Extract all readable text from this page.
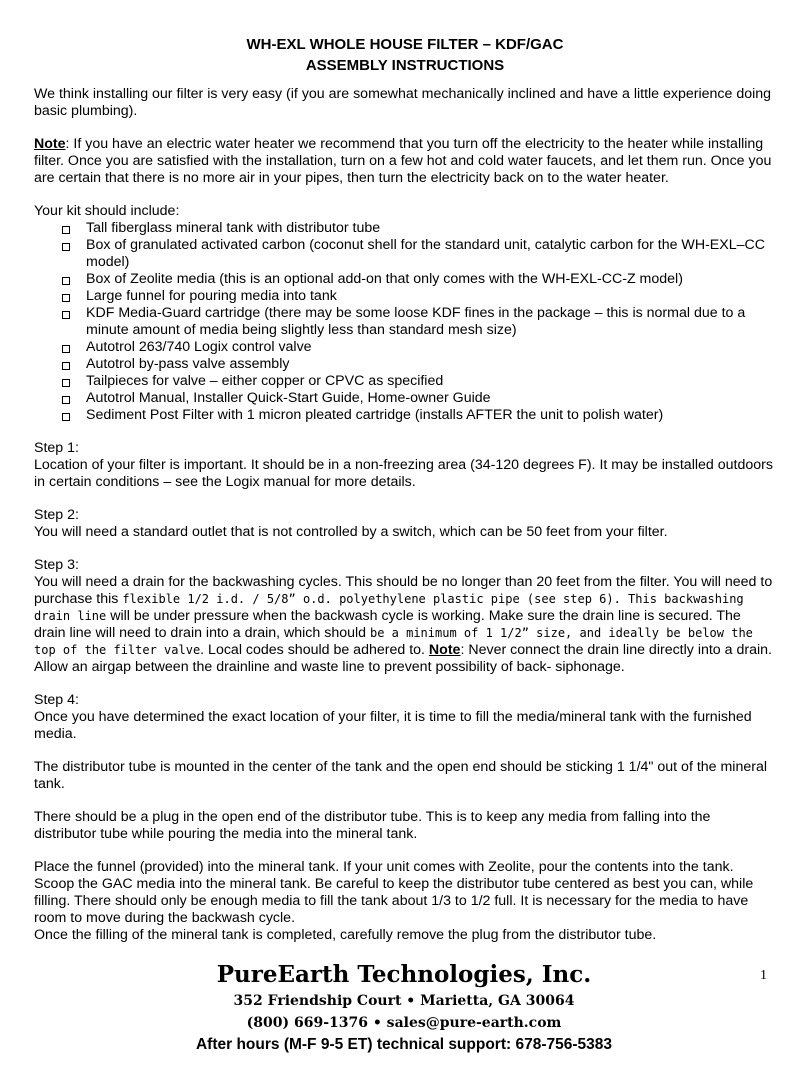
WH-EXL WHOLE HOUSE FILTER – KDF/GAC
ASSEMBLY INSTRUCTIONS

We think installing our filter is very easy (if you are somewhat mechanically inclined and have a little experience doing basic plumbing).

Note: If you have an electric water heater we recommend that you turn off the electricity to the heater while installing filter. Once you are satisfied with the installation, turn on a few hot and cold water faucets, and let them run. Once you are certain that there is no more air in your pipes, then turn the electricity back on to the water heater.

Your kit should include:
Tall fiberglass mineral tank with distributor tube
Box of granulated activated carbon (coconut shell for the standard unit, catalytic carbon for the WH-EXL–CC model)
Box of Zeolite media (this is an optional add-on that only comes with the WH-EXL-CC-Z model)
Large funnel for pouring media into tank
KDF Media-Guard cartridge (there may be some loose KDF fines in the package – this is normal due to a minute amount of media being slightly less than standard mesh size)
Autotrol 263/740 Logix control valve
Autotrol by-pass valve assembly
Tailpieces for valve – either copper or CPVC as specified
Autotrol Manual, Installer Quick-Start Guide, Home-owner Guide
Sediment Post Filter with 1 micron pleated cartridge (installs AFTER the unit to polish water)
Step 1:

Location of your filter is important. It should be in a non-freezing area (34-120 degrees F). It may be installed outdoors in certain conditions – see the Logix manual for more details.

Step 2:

You will need a standard outlet that is not controlled by a switch, which can be 50 feet from your filter.

Step 3:

You will need a drain for the backwashing cycles. This should be no longer than 20 feet from the filter. You will need to purchase this flexible 1/2 i.d. / 5/8” o.d. polyethylene plastic pipe (see step 6). This backwashing drain line will be under pressure when the backwash cycle is working. Make sure the drain line is secured. The drain line will need to drain into a drain, which should be a minimum of 1 1/2” size, and ideally be below the top of the filter valve. Local codes should be adhered to. Note: Never connect the drain line directly into a drain. Allow an airgap between the drainline and waste line to prevent possibility of back- siphonage.

Step 4:

Once you have determined the exact location of your filter, it is time to fill the media/mineral tank with the furnished media.

The distributor tube is mounted in the center of the tank and the open end should be sticking 1 1/4" out of the mineral tank.

There should be a plug in the open end of the distributor tube. This is to keep any media from falling into the distributor tube while pouring the media into the mineral tank.

Place the funnel (provided) into the mineral tank. If your unit comes with Zeolite, pour the contents into the tank. Scoop the GAC media into the mineral tank. Be careful to keep the distributor tube centered as best you can, while filling. There should only be enough media to fill the tank about 1/3 to 1/2 full. It is necessary for the media to have room to move during the backwash cycle.

Once the filling of the mineral tank is completed, carefully remove the plug from the distributor tube.

1
PureEarth Technologies, Inc.
352 Friendship Court • Marietta, GA 30064
(800) 669-1376 • sales@pure-earth.com
After hours (M-F 9-5 ET) technical support: 678-756-5383
